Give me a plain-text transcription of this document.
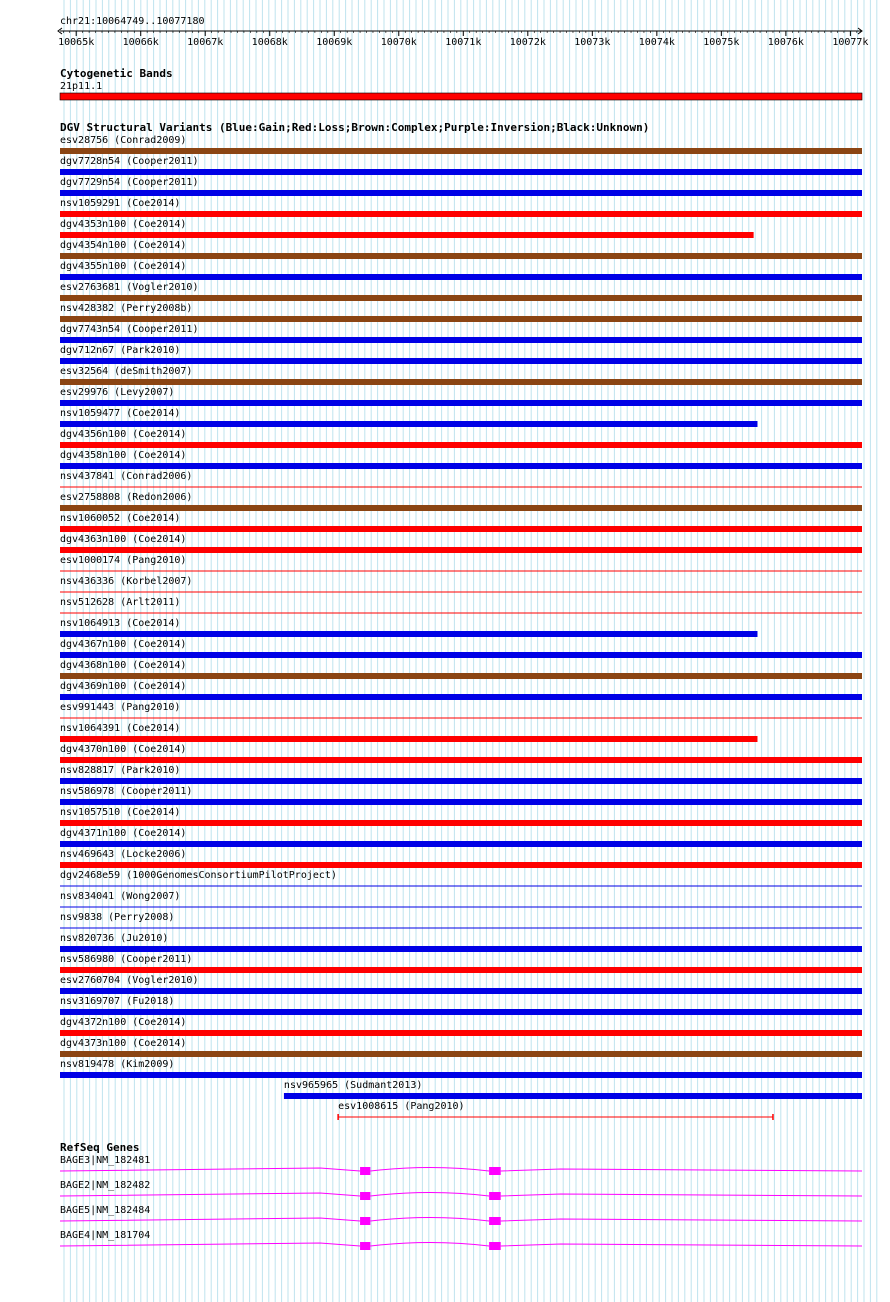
chr21:10064749..10077180
10065k	10066k	10067k	10068k	10069k	10070k	10071k	10072k	10073k	10074k	10075k	10076k	10077k
Cytogenetic Bands
21p11.1
DGV Structural Variants (Blue:Gain;Red:Loss;Brown:Complex;Purple:Inversion;Black:Unknown)
esv28756 (Conrad2009)
dgv7728n54 (Cooper2011)
dgv7729n54 (Cooper2011)
nsv1059291 (Coe2014)
dgv4353n100 (Coe2014)
dgv4354n100 (Coe2014)
dgv4355n100 (Coe2014)
esv2763681 (Vogler2010)
nsv428382 (Perry2008b)
dgv7743n54 (Cooper2011)
dgv712n67 (Park2010)
esv32564 (deSmith2007)
esv29976 (Levy2007)
nsv1059477 (Coe2014)
dgv4356n100 (Coe2014)
dgv4358n100 (Coe2014)
nsv437841 (Conrad2006)
esv2758808 (Redon2006)
nsv1060052 (Coe2014)
dgv4363n100 (Coe2014)
esv1000174 (Pang2010)
nsv436336 (Korbel2007)
nsv512628 (Arlt2011)
nsv1064913 (Coe2014)
dgv4367n100 (Coe2014)
dgv4368n100 (Coe2014)
dgv4369n100 (Coe2014)
esv991443 (Pang2010)
nsv1064391 (Coe2014)
dgv4370n100 (Coe2014)
nsv828817 (Park2010)
nsv586978 (Cooper2011)
nsv1057510 (Coe2014)
dgv4371n100 (Coe2014)
nsv469643 (Locke2006)
dgv2468e59 (1000GenomesConsortiumPilotProject)
nsv834041 (Wong2007)
nsv9838 (Perry2008)
nsv820736 (Ju2010)
nsv586980 (Cooper2011)
esv2760704 (Vogler2010)
nsv3169707 (Fu2018)
dgv4372n100 (Coe2014)
dgv4373n100 (Coe2014)
nsv819478 (Kim2009)
nsv965965 (Sudmant2013)
esv1008615 (Pang2010)
RefSeq Genes
BAGE3|NM_182481
BAGE2|NM_182482
BAGE5|NM_182484
BAGE4|NM_181704
